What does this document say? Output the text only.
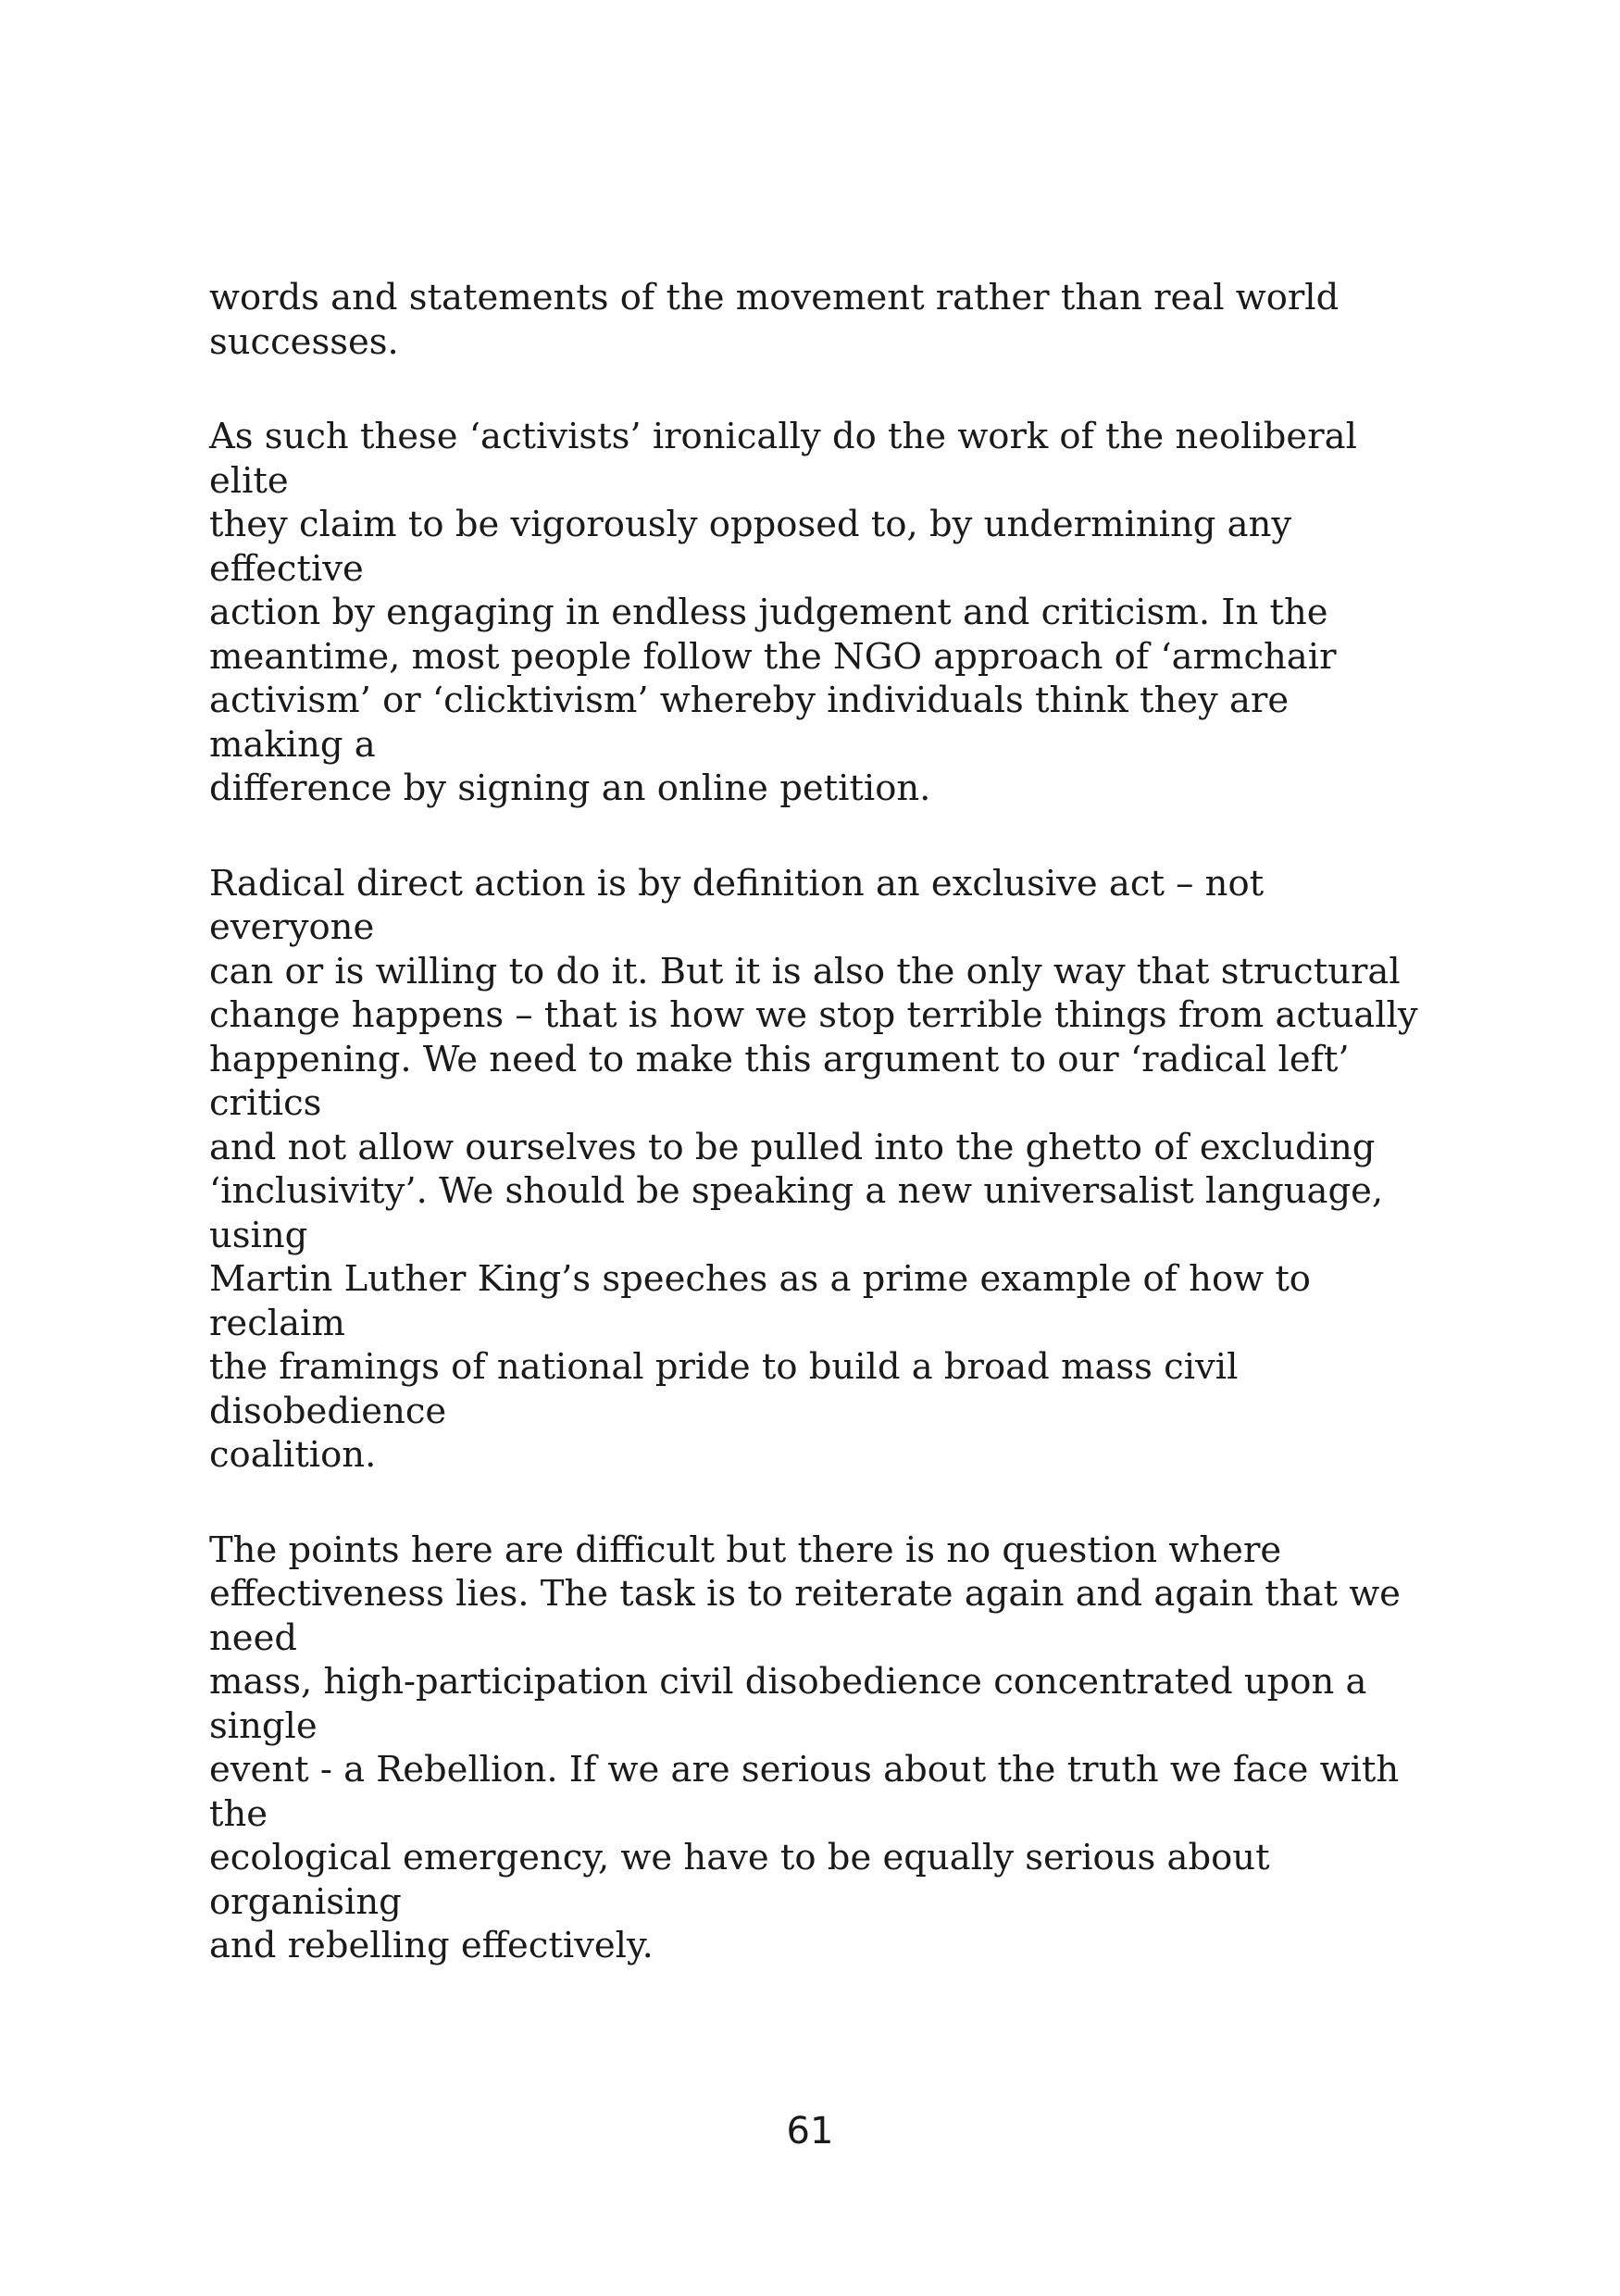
words and statements of the movement rather than real world
successes.

As such these ‘activists’ ironically do the work of the neoliberal elite
they claim to be vigorously opposed to, by undermining any effective
action by engaging in endless judgement and criticism. In the
meantime, most people follow the NGO approach of ‘armchair
activism’ or ‘clicktivism’ whereby individuals think they are making a
difference by signing an online petition.

Radical direct action is by definition an exclusive act – not everyone
can or is willing to do it. But it is also the only way that structural
change happens – that is how we stop terrible things from actually
happening. We need to make this argument to our ‘radical left’ critics
and not allow ourselves to be pulled into the ghetto of excluding
‘inclusivity’. We should be speaking a new universalist language, using
Martin Luther King’s speeches as a prime example of how to reclaim
the framings of national pride to build a broad mass civil disobedience
coalition.

The points here are difficult but there is no question where
effectiveness lies. The task is to reiterate again and again that we need
mass, high-participation civil disobedience concentrated upon a single
event - a Rebellion. If we are serious about the truth we face with the
ecological emergency, we have to be equally serious about organising
and rebelling effectively.

61
